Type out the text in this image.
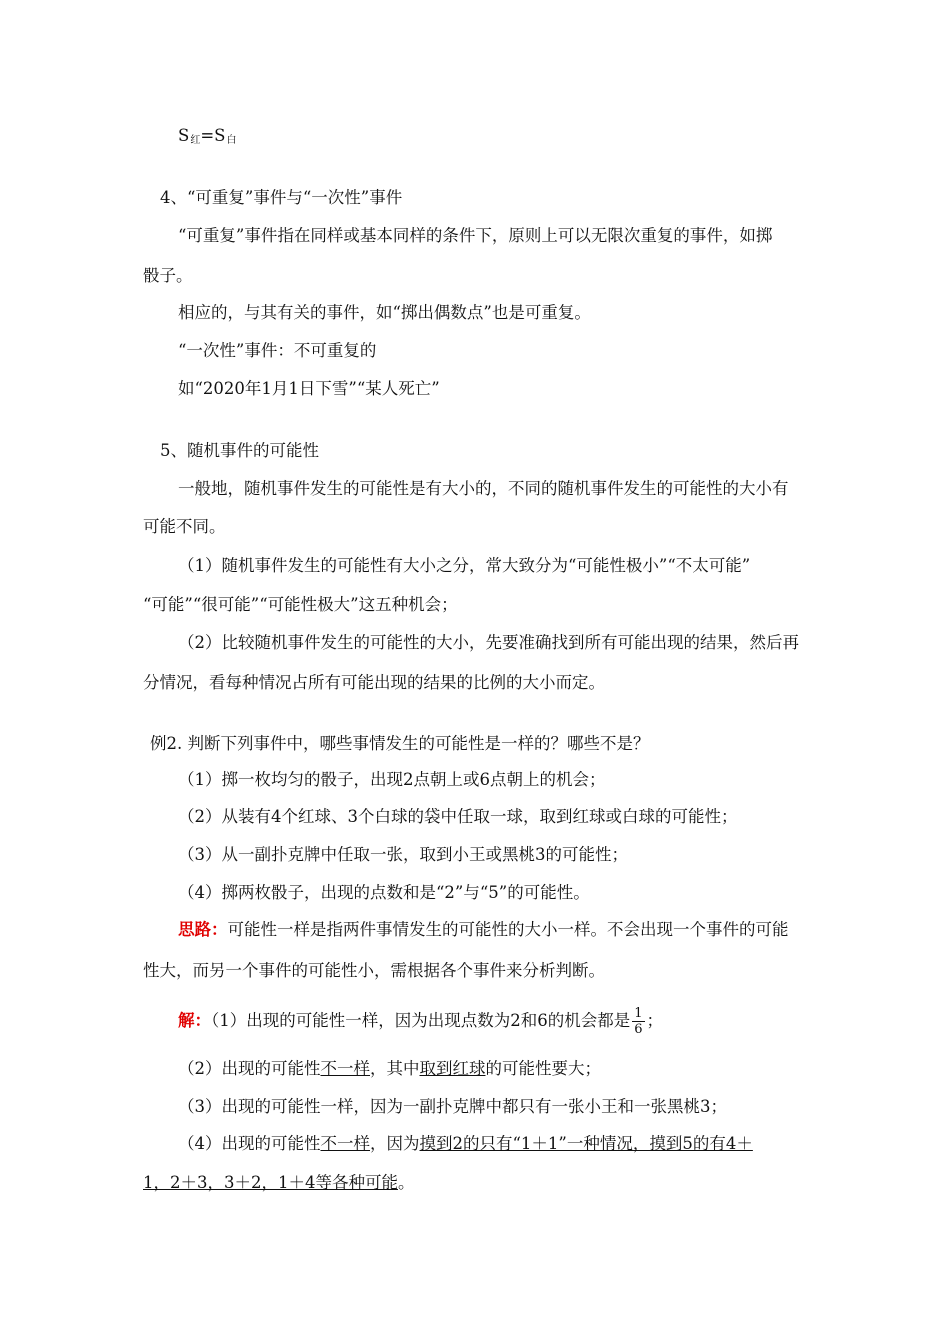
S红=S白
4、“可重复”事件与“一次性”事件
“可重复”事件指在同样或基本同样的条件下，原则上可以无限次重复的事件，如掷
骰子。
相应的，与其有关的事件，如“掷出偶数点”也是可重复。
“一次性”事件：不可重复的
如“2020年1月1日下雪”“某人死亡”
5、随机事件的可能性
一般地，随机事件发生的可能性是有大小的，不同的随机事件发生的可能性的大小有
可能不同。
（1）随机事件发生的可能性有大小之分，常大致分为“可能性极小”“不太可能”
“可能”“很可能”“可能性极大”这五种机会；
（2）比较随机事件发生的可能性的大小，先要准确找到所有可能出现的结果，然后再
分情况，看每种情况占所有可能出现的结果的比例的大小而定。
例2. 判断下列事件中，哪些事情发生的可能性是一样的？哪些不是？
（1）掷一枚均匀的骰子，出现2点朝上或6点朝上的机会；
（2）从装有4个红球、3个白球的袋中任取一球，取到红球或白球的可能性；
（3）从一副扑克牌中任取一张，取到小王或黑桃3的可能性；
（4）掷两枚骰子，出现的点数和是“2”与“5”的可能性。
思路：可能性一样是指两件事情发生的可能性的大小一样。不会出现一个事件的可能
性大，而另一个事件的可能性小，需根据各个事件来分析判断。
解：（1）出现的可能性一样，因为出现点数为2和6的机会都是 $\frac{1}{6}$ ；
（2）出现的可能性不一样，其中取到红球的可能性要大；
（3）出现的可能性一样，因为一副扑克牌中都只有一张小王和一张黑桃3；
（4）出现的可能性不一样，因为摸到2的只有“1＋1”一种情况，摸到5的有4＋
1，2＋3，3＋2，1＋4等各种可能。
